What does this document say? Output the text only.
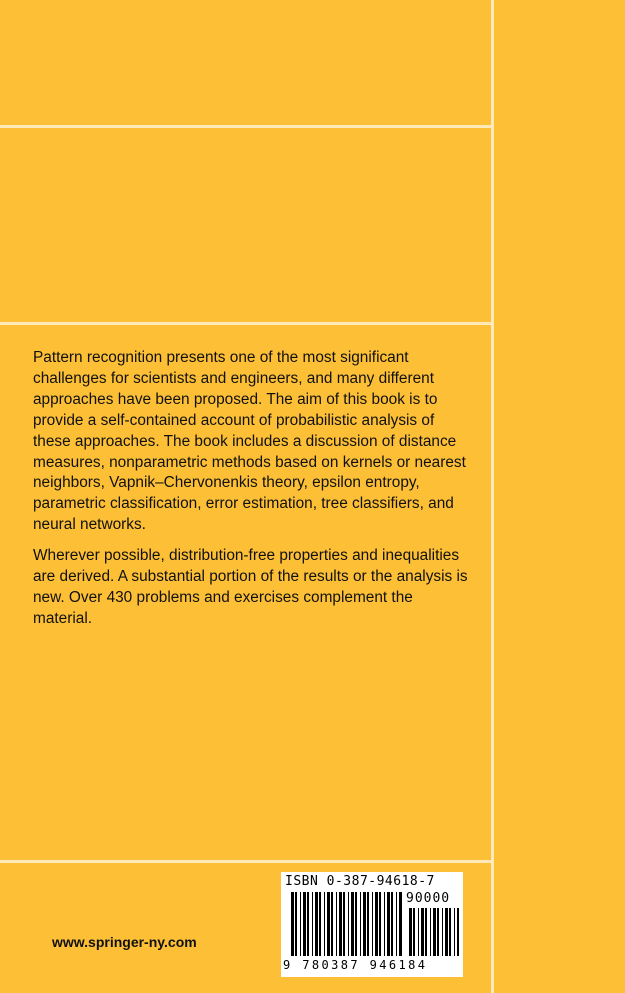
Pattern recognition presents one of the most significant challenges for scientists and engineers, and many different approaches have been proposed. The aim of this book is to provide a self-contained account of probabilistic analysis of these approaches. The book includes a discussion of distance measures, nonparametric methods based on kernels or nearest neighbors, Vapnik–Chervonenkis theory, epsilon entropy, parametric classification, error estimation, tree classifiers, and neural networks.

Wherever possible, distribution-free properties and inequalities are derived. A substantial portion of the results or the analysis is new. Over 430 problems and exercises complement the material.

www.springer-ny.com
ISBN 0-387-94618-7
90000
9 780387 946184
